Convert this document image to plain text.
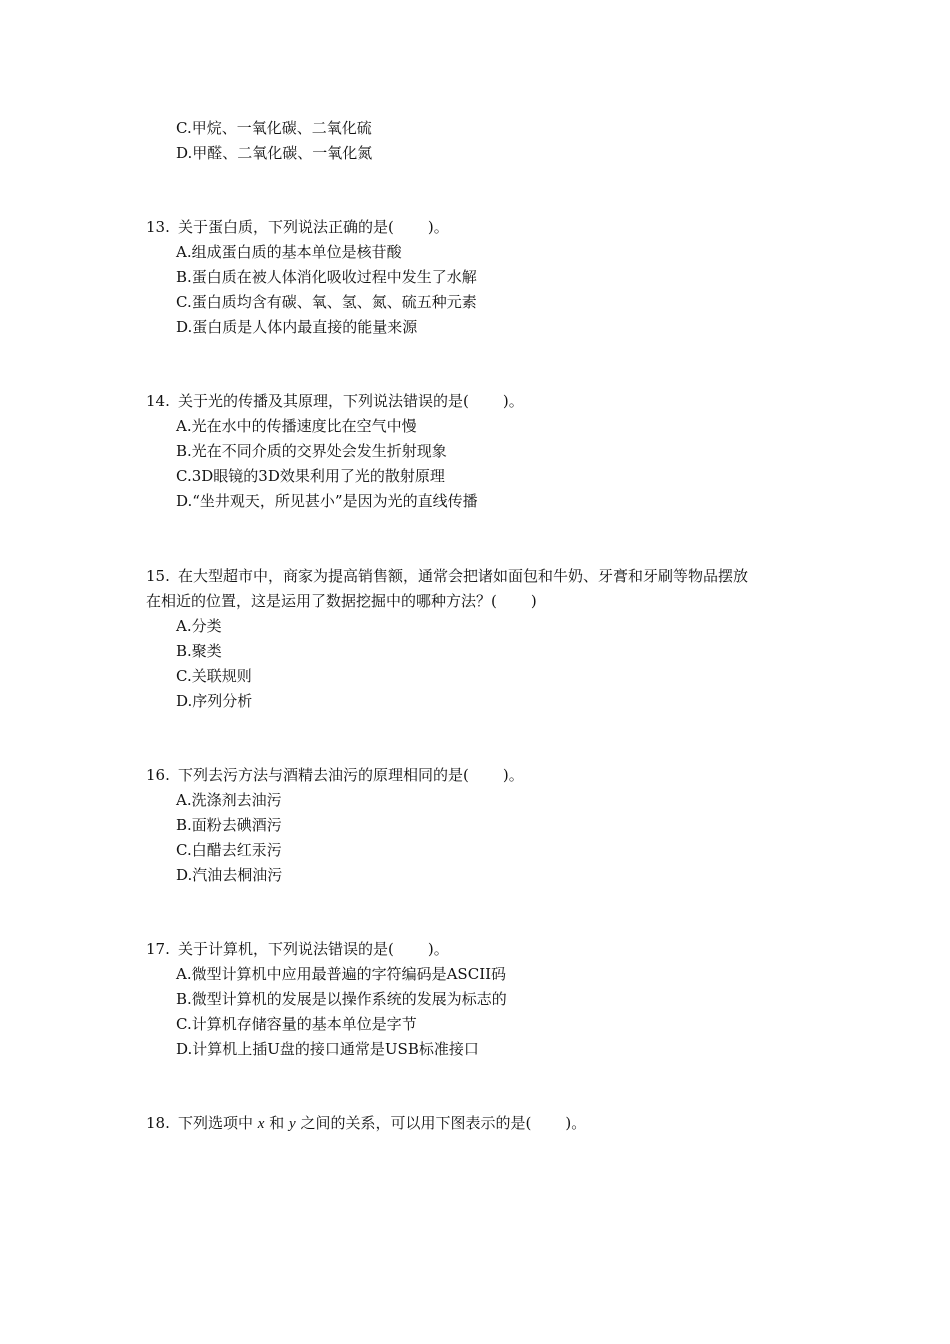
C.甲烷、一氧化碳、二氧化硫
D.甲醛、二氧化碳、一氧化氮
13. 关于蛋白质，下列说法正确的是( )。
A.组成蛋白质的基本单位是核苷酸
B.蛋白质在被人体消化吸收过程中发生了水解
C.蛋白质均含有碳、氧、氢、氮、硫五种元素
D.蛋白质是人体内最直接的能量来源
14. 关于光的传播及其原理，下列说法错误的是( )。
A.光在水中的传播速度比在空气中慢
B.光在不同介质的交界处会发生折射现象
C.3D眼镜的3D效果利用了光的散射原理
D.“坐井观天，所见甚小”是因为光的直线传播
15. 在大型超市中，商家为提高销售额，通常会把诸如面包和牛奶、牙膏和牙刷等物品摆放
在相近的位置，这是运用了数据挖掘中的哪种方法？( )
A.分类
B.聚类
C.关联规则
D.序列分析
16. 下列去污方法与酒精去油污的原理相同的是( )。
A.洗涤剂去油污
B.面粉去碘酒污
C.白醋去红汞污
D.汽油去桐油污
17. 关于计算机，下列说法错误的是( )。
A.微型计算机中应用最普遍的字符编码是ASCII码
B.微型计算机的发展是以操作系统的发展为标志的
C.计算机存储容量的基本单位是字节
D.计算机上插U盘的接口通常是USB标准接口
18. 下列选项中 x 和 y 之间的关系，可以用下图表示的是( )。
